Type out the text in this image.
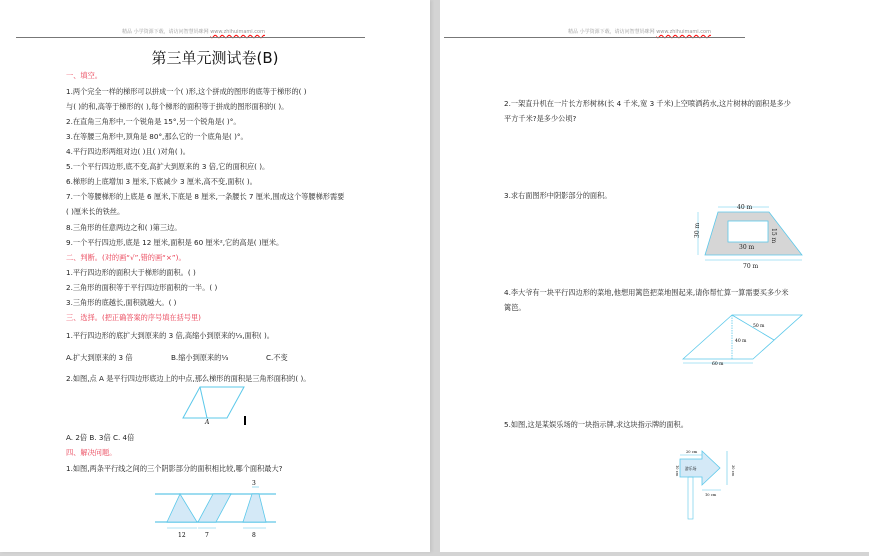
精品 小学资源下载，请访问智慧妈咪网 www.zhihuimami.com
第三单元测试卷(B)
一、填空。
1.两个完全一样的梯形可以拼成一个( )形,这个拼成的图形的底等于梯形的( )
与( )的和,高等于梯形的( ),每个梯形的面积等于拼成的图形面积的( )。
2.在直角三角形中,一个锐角是 15°,另一个锐角是( )°。
3.在等腰三角形中,顶角是 80°,那么它的一个底角是( )°。
4.平行四边形两组对边( )且( )对角( )。
5.一个平行四边形,底不变,高扩大到原来的 3 倍,它的面积应( )。
6.梯形的上底增加 3 厘米,下底减少 3 厘米,高不变,面积( )。
7.一个等腰梯形的上底是 6 厘米,下底是 8 厘米,一条腰长 7 厘米,围成这个等腰梯形需要
( )厘米长的铁丝。
8.三角形的任意两边之和( )第三边。
9.一个平行四边形,底是 12 厘米,面积是 60 厘米²,它的高是( )厘米。
二、判断。(对的画“√”,错的画“×”)。
1.平行四边形的面积大于梯形的面积。( )
2.三角形的面积等于平行四边形面积的一半。( )
3.三角形的底越长,面积就越大。( )
三、选择。(把正确答案的序号填在括号里)
1.平行四边形的底扩大到原来的 3 倍,高缩小到原来的⅓,面积( )。
A.扩大到原来的 3 倍	B.缩小到原来的⅓	C.不变
2.如图,点 A 是平行四边形底边上的中点,那么梯形的面积是三角形面积的( )。
A
A. 2倍 B. 3倍 C. 4倍
四、解决问题。
1.如图,两条平行线之间的三个阴影部分的面积相比较,哪个面积最大?
3
12	7	8
精品 小学资源下载，请访问智慧妈咪网 www.zhihuimami.com
2.一架直升机在一片长方形树林(长 4 千米,宽 3 千米)上空喷洒药水,这片树林的面积是多少
平方千米?是多少公顷?
3.求右面图形中阴影部分的面积。
40 m
30 m	15 m
30 m
70 m
4.李大爷有一块平行四边形的菜地,他想用篱笆把菜地围起来,请你帮忙算一算需要买多少米
篱笆。
50 m
40 m
60 m
5.如图,这是某娱乐场的一块指示牌,求这块指示牌的面积。
20 cm
10 cm 游乐场	30 cm
10 cm
